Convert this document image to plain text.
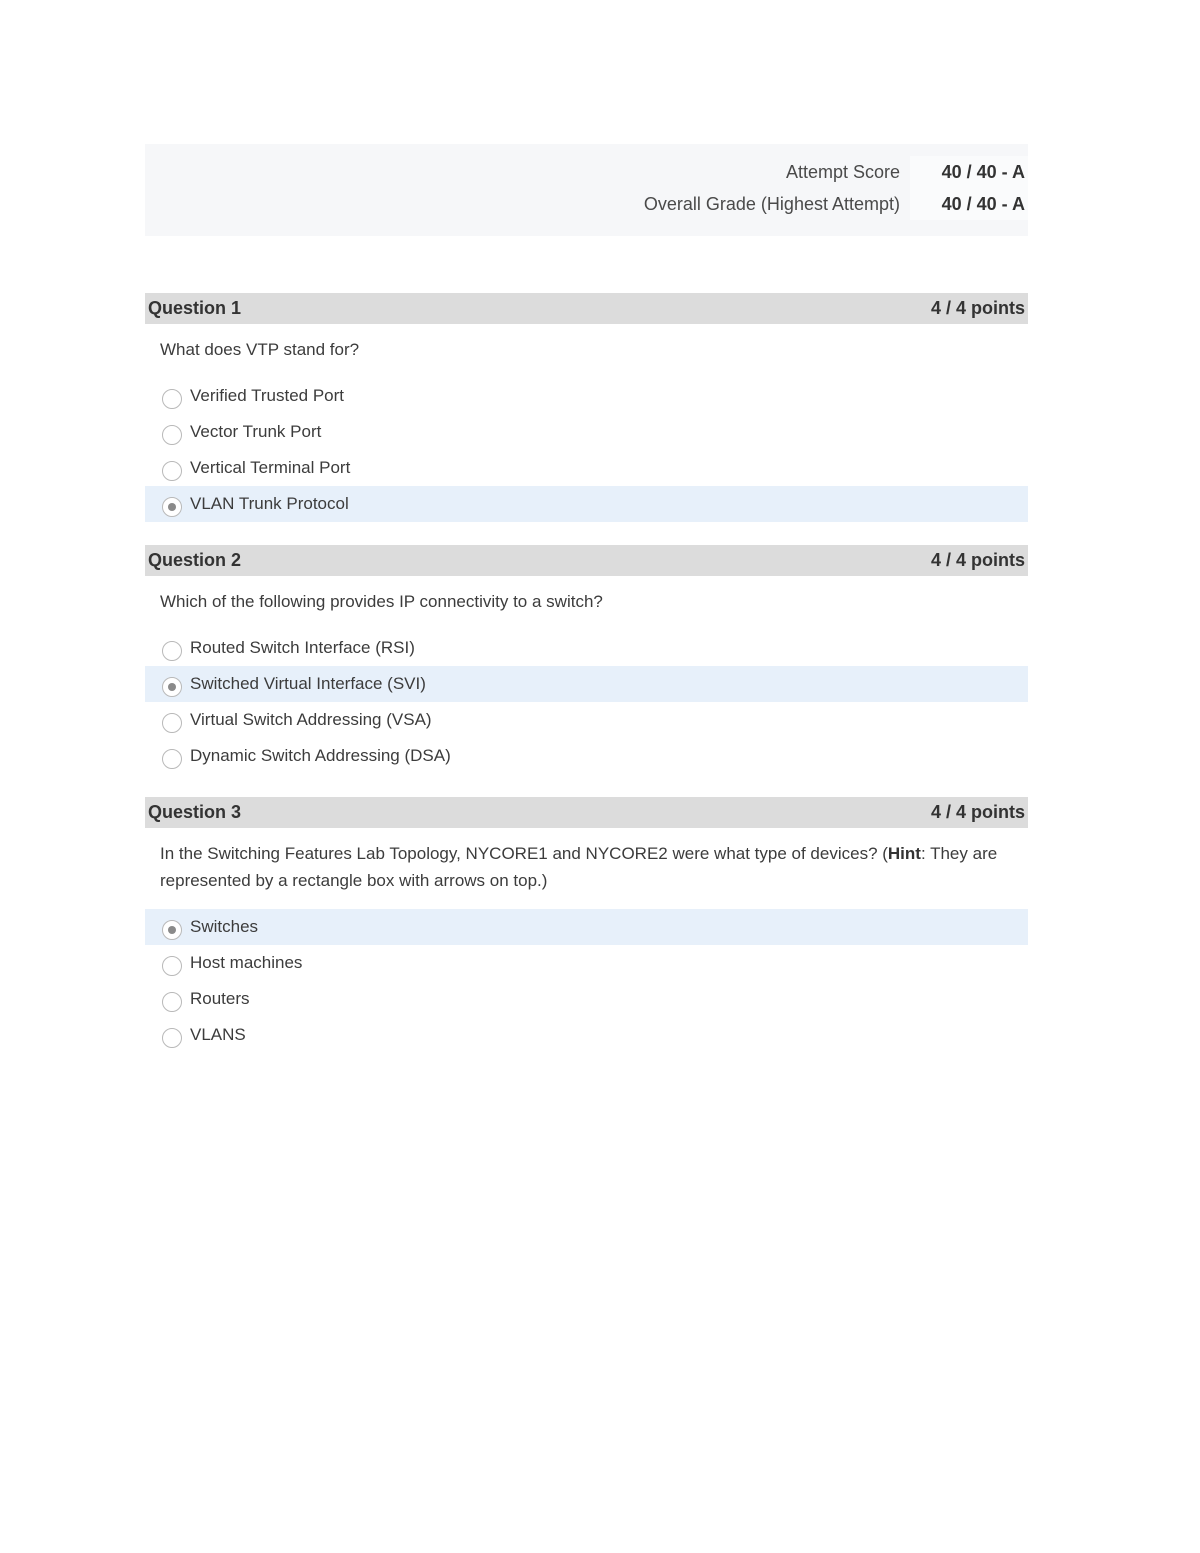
Attempt Score	40 / 40 - A
Overall Grade (Highest Attempt)	40 / 40 - A
Question 1	4 / 4 points
What does VTP stand for?
Verified Trusted Port
Vector Trunk Port
Vertical Terminal Port
VLAN Trunk Protocol
Question 2	4 / 4 points
Which of the following provides IP connectivity to a switch?
Routed Switch Interface (RSI)
Switched Virtual Interface (SVI)
Virtual Switch Addressing (VSA)
Dynamic Switch Addressing (DSA)
Question 3	4 / 4 points
In the Switching Features Lab Topology, NYCORE1 and NYCORE2 were what type of devices? (Hint: They are represented by a rectangle box with arrows on top.)
Switches
Host machines
Routers
VLANS
